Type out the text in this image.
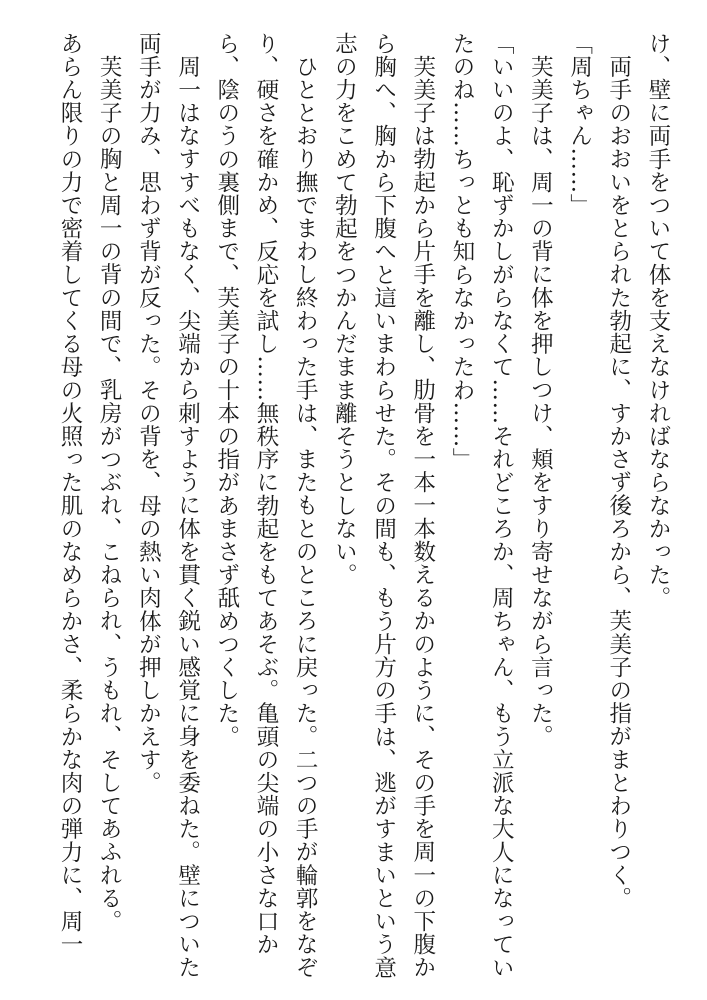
け、壁に両手をついて体を支えなければならなかった。
両手のおおいをとられた勃起に、すかさず後ろから、芙美子の指がまとわりつく。
「周ちゃん……」
芙美子は、周一の背に体を押しつけ、頬をすり寄せながら言った。
「いいのよ、恥ずかしがらなくて……それどころか、周ちゃん、もう立派な大人になってい
たのね……ちっとも知らなかったわ……」
芙美子は勃起から片手を離し、肋骨を一本一本数えるかのように、その手を周一の下腹か
ら胸へ、胸から下腹へと這いまわらせた。その間も、もう片方の手は、逃がすまいという意
志の力をこめて勃起をつかんだまま離そうとしない。
ひととおり撫でまわし終わった手は、またもとのところに戻った。二つの手が輪郭をなぞ
り、硬さを確かめ、反応を試し……無秩序に勃起をもてあそぶ。亀頭の尖端の小さな口か
ら、陰のうの裏側まで、芙美子の十本の指があまさず舐めつくした。
周一はなすすべもなく、尖端から刺すように体を貫く鋭い感覚に身を委ねた。壁についた
両手が力み、思わず背が反った。その背を、母の熱い肉体が押しかえす。
芙美子の胸と周一の背の間で、乳房がつぶれ、こねられ、うもれ、そしてあふれる。
あらん限りの力で密着してくる母の火照った肌のなめらかさ、柔らかな肉の弾力に、周一
